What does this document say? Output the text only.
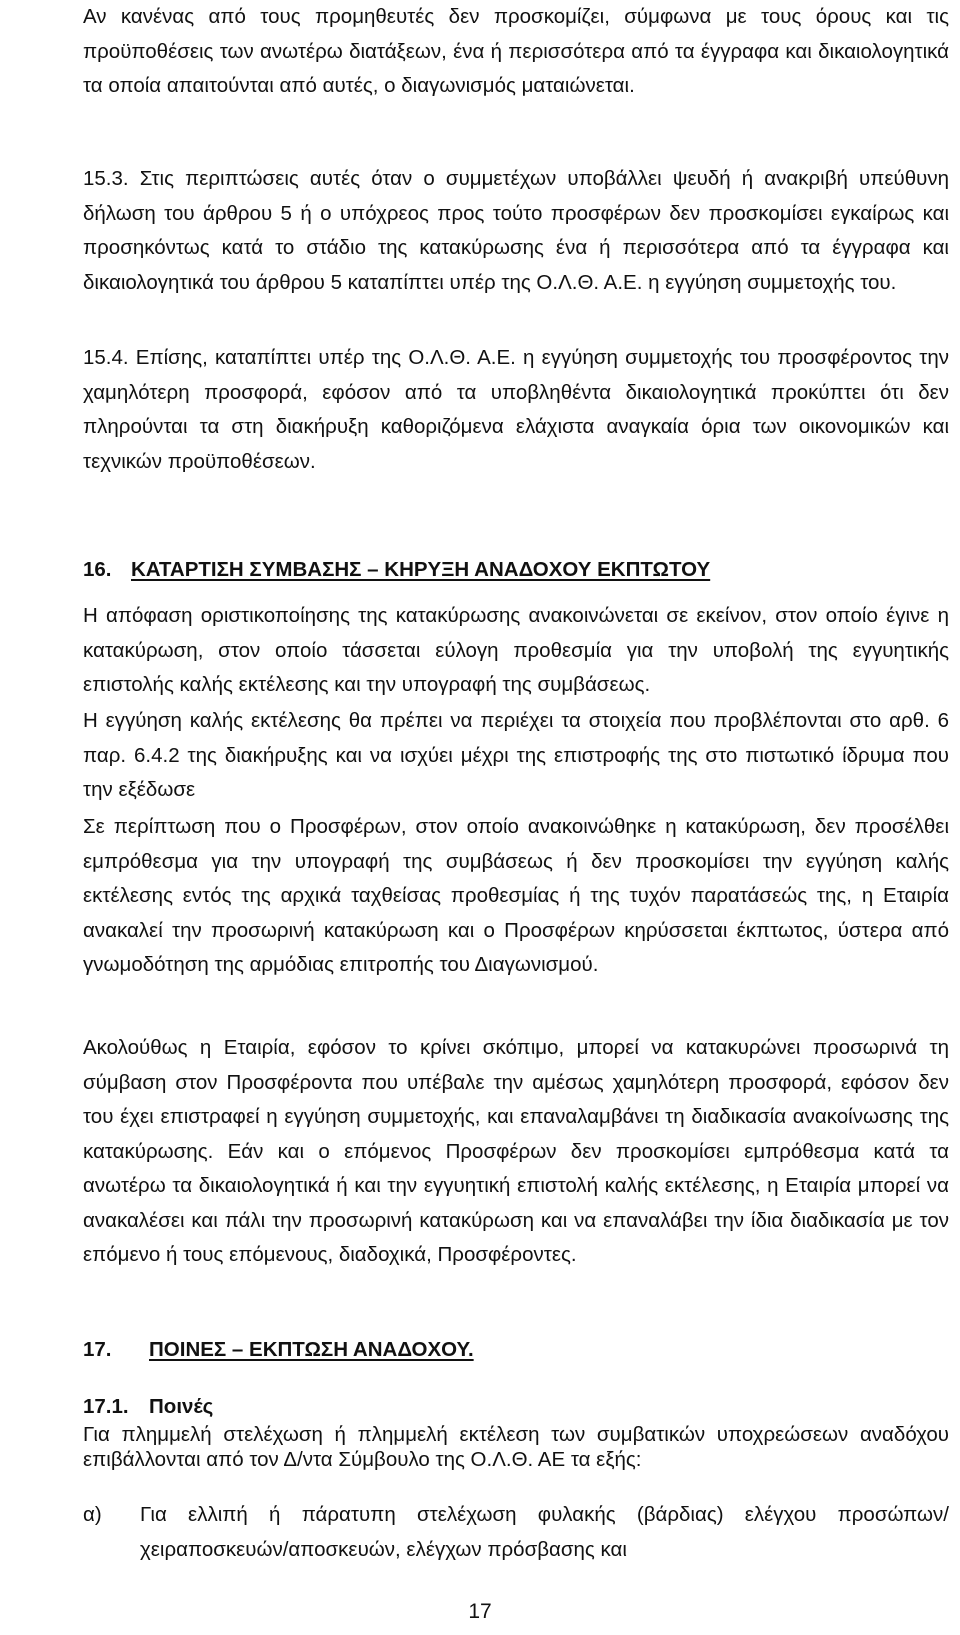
Αν κανένας από τους προμηθευτές δεν προσκομίζει, σύμφωνα με τους όρους και τις προϋποθέσεις των ανωτέρω διατάξεων, ένα ή περισσότερα από τα έγγραφα και δικαιολογητικά τα οποία απαιτούνται από αυτές, ο διαγωνισμός ματαιώνεται.

15.3. Στις περιπτώσεις αυτές όταν ο συμμετέχων υποβάλλει ψευδή ή ανακριβή υπεύθυνη δήλωση του άρθρου 5 ή ο υπόχρεος προς τούτο προσφέρων δεν προσκομίσει εγκαίρως και προσηκόντως κατά το στάδιο της κατακύρωσης ένα ή περισσότερα από τα έγγραφα και δικαιολογητικά του άρθρου 5 καταπίπτει υπέρ της Ο.Λ.Θ. Α.Ε. η εγγύηση συμμετοχής του.

15.4. Επίσης, καταπίπτει υπέρ της Ο.Λ.Θ. Α.Ε. η εγγύηση συμμετοχής του προσφέροντος την χαμηλότερη προσφορά, εφόσον από τα υποβληθέντα δικαιολογητικά προκύπτει ότι δεν πληρούνται τα στη διακήρυξη καθοριζόμενα ελάχιστα αναγκαία όρια των οικονομικών και τεχνικών προϋποθέσεων.

16. ΚΑΤΑΡΤΙΣΗ ΣΥΜΒΑΣΗΣ – ΚΗΡΥΞΗ ΑΝΑΔΟΧΟΥ ΕΚΠΤΩΤΟΥ

Η απόφαση οριστικοποίησης της κατακύρωσης ανακοινώνεται σε εκείνον, στον οποίο έγινε η κατακύρωση, στον οποίο τάσσεται εύλογη προθεσμία για την υποβολή της εγγυητικής επιστολής καλής εκτέλεσης και την υπογραφή της συμβάσεως.

Η εγγύηση καλής εκτέλεσης θα πρέπει να περιέχει τα στοιχεία που προβλέπονται στο αρθ. 6 παρ. 6.4.2 της διακήρυξης και να ισχύει μέχρι της επιστροφής της στο πιστωτικό ίδρυμα που την εξέδωσε

Σε περίπτωση που ο Προσφέρων, στον οποίο ανακοινώθηκε η κατακύρωση, δεν προσέλθει εμπρόθεσμα για την υπογραφή της συμβάσεως ή δεν προσκομίσει την εγγύηση καλής εκτέλεσης εντός της αρχικά ταχθείσας προθεσμίας ή της τυχόν παρατάσεώς της, η Εταιρία ανακαλεί την προσωρινή κατακύρωση και ο Προσφέρων κηρύσσεται έκπτωτος, ύστερα από γνωμοδότηση της αρμόδιας επιτροπής του Διαγωνισμού.

Ακολούθως η Εταιρία, εφόσον το κρίνει σκόπιμο, μπορεί να κατακυρώνει προσωρινά τη σύμβαση στον Προσφέροντα που υπέβαλε την αμέσως χαμηλότερη προσφορά, εφόσον δεν του έχει επιστραφεί η εγγύηση συμμετοχής, και επαναλαμβάνει τη διαδικασία ανακοίνωσης της κατακύρωσης. Εάν και ο επόμενος Προσφέρων δεν προσκομίσει εμπρόθεσμα κατά τα ανωτέρω τα δικαιολογητικά ή και την εγγυητική επιστολή καλής εκτέλεσης, η Εταιρία μπορεί να ανακαλέσει και πάλι την προσωρινή κατακύρωση και να επαναλάβει την ίδια διαδικασία με τον επόμενο ή τους επόμενους, διαδοχικά, Προσφέροντες.

17. ΠΟΙΝΕΣ – ΕΚΠΤΩΣΗ ΑΝΑΔΟΧΟΥ.
17.1. Ποινές

Για πλημμελή στελέχωση ή πλημμελή εκτέλεση των συμβατικών υποχρεώσεων αναδόχου επιβάλλονται από τον Δ/ντα Σύμβουλο της Ο.Λ.Θ. ΑΕ τα εξής:

α) Για ελλιπή ή πάρατυπη στελέχωση φυλακής (βάρδιας) ελέγχου προσώπων/χειραποσκευών/αποσκευών, ελέγχων πρόσβασης και
17
